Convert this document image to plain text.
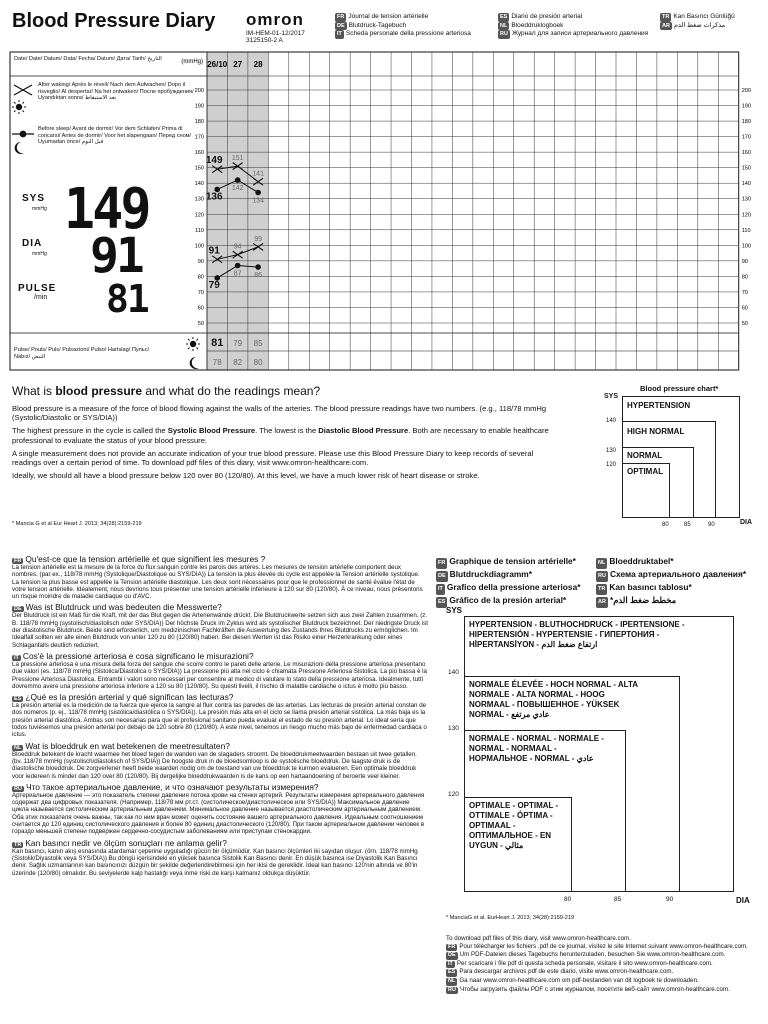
Blood Pressure Diary omron
IM-HEM-01-12/2017
3125150-2 A
FR Journal de tension artérielle
DE Blutdruck-Tagebuch
IT Scheda personale della pressione arteriosa
ES Diario de presión arterial
NL Bloeddruklogboek
RU Журнал для записи артериального давления
TR Kan Basıncı Günlüğü
AR مذكرات ضغط الدم
200	200
190	190
180	180
170	170
160	160
150	150
140	140
130	130
120	120
110	110
100	100
90	90
80	80
70	70
60	60
50	50
26/10 27 28
149 151
141
136
142
134
91 94
99
79
87 86
81 79 85
78 82 80
(mmHg)
Date/ Date/ Datum/ Data/ Fecha/ Datum/ Дата/ Tarih/ التاريخ
After waking/ Après le réveil/ Nach dem Aufwachen/ Dopo il risveglio/ Al despertar/ Na het ontwaken/ После пробуждения/ Uyandıktan sonra/ بعد الاستيقاظ
Before sleep/ Avant de dormir/ Vor dem Schlafen/ Prima di coricarsi/ Antes de dormir/ Voor het slapengaan/ Перед сном/ Uyumadan önce/ قبل النوم
SYS
mmHg
DIA
mmHg
PULSE
/min
149
91
81
Pulse/ Pouls/ Puls/ Pulsazioni/ Pulso/ Hartslag/ Пульс/ Nabız/ النبض
What is blood pressure and what do the readings mean?
Blood pressure is a measure of the force of blood flowing against the walls of the arteries. The blood pressure readings have two numbers. (e.g., 118/78 mmHg (Systolic/Diastolic or SYS/DIA))
The highest pressure in the cycle is called the Systolic Blood Pressure. The lowest is the Diastolic Blood Pressure. Both are necessary to enable healthcare professional to evaluate the status of your blood pressure.
A single measurement does not provide an accurate indication of your true blood pressure. Please use this Blood Pressure Diary to keep records of several readings over a certain period of time. To download pdf files of this diary, visit www.omron-healthcare.com.
Ideally, we should all have a blood pressure below 120 over 80 (120/80). At this level, we have a much lower risk of heart disease or stroke.
* Mancia G et al Eur Heart J. 2013; 34(28):2159-219
Blood pressure chart*
SYS
DIA
140
130
120
80	85	90
HYPERTENSION
HIGH NORMAL
NORMAL
OPTIMAL
FR Qu'est-ce que la tension artérielle et que signifient les mesures ?
La tension artérielle est la mesure de la force du flux sanguin contre les parois des artères. Les mesures de tension artérielle comportent deux nombres. (par ex., 118/78 mmHg (Systolique/Diastolique ou SYS/DIA)) La tension la plus élevée du cycle est appelée la Tension artérielle systolique. La tension la plus basse est appelée la Tension artérielle diastolique. Les deux sont nécessaires pour que le professionnel de santé évalue l'état de votre tension artérielle. Idéalement, nous devrions tous présenter une tension artérielle inférieure à 120 sur 80 (120/80). À ce niveau, nous présentons un risque moindre de maladie cardiaque ou d'AVC.
DE Was ist Blutdruck und was bedeuten die Messwerte?
Der Blutdruck ist ein Maß für die Kraft, mit der das Blut gegen die Arterienwände drückt. Die Blutdruckwerte setzen sich aus zwei Zahlen zusammen. (z. B. 118/78 mmHg (systolisch/diastolisch oder SYS/DIA)) Der höchste Druck im Zyklus wird als systolischer Blutdruck bezeichnet. Der niedrigste Druck ist der diastolische Blutdruck. Beide sind erforderlich, um medizinischen Fachkräften die Auswertung des Zustands Ihres Blutdrucks zu ermöglichen. Im Idealfall sollten wir alle einen Blutdruck von unter 120 zu 80 (120/80) haben. Bei diesen Werten ist das Risiko einer Herzerkrankung oder eines Schlaganfalls deutlich reduziert.
IT Cos'è la pressione arteriosa e cosa significano le misurazioni?
La pressione arteriosa è una misura della forza del sangue che scorre contro le pareti delle arterie. Le misurazioni della pressione arteriosa presentano due valori (es. 118/78 mmHg (Sistolica/Diastolica o SYS/DIA)) La pressione più alta nel ciclo è chiamata Pressione Arteriosa Sistolica. La più bassa è la Pressione Arteriosa Diastolica. Entrambi i valori sono necessari per consentire al medico di valutare lo stato della pressione arteriosa. Idealmente, tutti dovremmo avere una pressione arteriosa inferiore a 120 su 80 (120/80). Su questi livelli, il rischio di malattie cardiache o ictus è molto più basso.
ES ¿Qué es la presión arterial y qué significan las lecturas?
La presión arterial es la medición de la fuerza que ejerce la sangre al fluir contra las paredes de las arterias. Las lecturas de presión arterial constan de dos números (p. ej., 118/78 mmHg (sistólica/diastólica o SYS/DIA)). La presión más alta en el ciclo se llama presión arterial sistólica. La más baja es la presión arterial diastólica. Ambas son necesarias para que el profesional sanitario pueda evaluar el estado de su presión arterial. Lo ideal sería que todos tuviésemos una presión arterial por debajo de 120 sobre 80 (120/80). A este nivel, tenemos un riesgo mucho más bajo de enfermedad cardiaca o ictus.
NL Wat is bloeddruk en wat betekenen de meetresultaten?
Bloeddruk betekent de kracht waarmee het bloed tegen de wanden van de slagaders stroomt. De bloeddrukmeetwaarden bestaan uit twee getallen. (bv. 118/78 mmHg (systolisch/diastolisch of SYS/DIA)) De hoogste druk in de bloedsomloop is de systolische bloeddruk. De laagste druk is de diastolische bloeddruk. De zorgverlener heeft beide waarden nodig om de toestand van uw bloeddruk te kunnen evalueren. Een optimale bloeddruk voor iedereen is minder dan 120 over 80 (120/80). Bij dergelijke bloeddrukwaarden is de kans op een hartaandoening of beroerte veel kleiner.
RU Что такое артериальное давление, и что означают результаты измерения?
Артериальное давление — это показатель степени давления потока крови на стенки артерий. Результаты измерения артериального давления содержат два цифровых показателя. (Например, 118/78 мм рт.ст. (систолическое/диастолическое или SYS/DIA)) Максимальное давление цикла называется систолическим артериальным давлением. Минимальное давление называется диастолическим артериальным давлением. Оба этих показателя очень важны, так как по ним врач может оценить состояние вашего артериального давления. Идеальным соотношением считается до 120 единиц систолического давления и более 80 единиц диастолического (120/80). При таком артериальном давлении человек в гораздо меньшей степени подвержен сердечно-сосудистым заболеваниям или приступам стенокардии.
TR Kan basıncı nedir ve ölçüm sonuçları ne anlama gelir?
Kan basıncı, kanın akış esnasında atardamar çeperine uyguladığı gücün bir ölçümüdür. Kan basıncı ölçümleri iki sayıdan oluşur. (örn. 118/78 mmHg (Sistolik/Diyastolik veya SYS/DIA)) Bu döngü içerisindeki en yüksek basınca Sistolik Kan Basıncı denir. En düşük basınca ise Diyastolik Kan Basıncı denir. Sağlık uzmanlarının kan basıncınızı düzgün bir şekilde değerlendirebilmesi için her ikisi de gereklidir. İdeal kan basıncı 120'nin altında ve 80'in üzerinde (120/80) olmalıdır. Bu seviyelerde kalp hastalığı veya inme riski de karşı kalmanız oldukça düşüktür.
FR Graphique de tension artérielle*
DE Blutdruckdiagramm*
IT Grafico della pressione arteriosa*
ES Gráfico de la presión arterial*
NL Bloeddruktabel*
RU Схема артериального давления*
TR Kan basıncı tablosu*
AR *مخطط ضغط الدم
SYS
DIA
140
130
120
80	85	90
HYPERTENSION - BLUTHOCHDRUCK - IPERTENSIONE - HIPERTENSIÓN - HYPERTENSIE - ГИПЕРТОНИЯ - HİPERTANSİYON - ارتفاع ضغط الدم
NORMALE ÉLEVÉE - HOCH NORMAL - ALTA NORMALE - ALTA NORMAL - HOOG NORMAAL - ПОВЫШЕННОЕ - YÜKSEK NORMAL - عادي مرتفع
NORMALE - NORMAL - NORMALE - NORMAL - NORMAAL - НОРМАЛЬНОЕ - NORMAL - عادي
OPTIMALE - OPTIMAL - OTTIMALE - ÓPTIMA - OPTIMAAL - ОПТИМАЛЬНОЕ - EN UYGUN - مثالي
* ManciaG et al. EurHeart J. 2013; 34(28):2159-219
To download pdf files of this diary, visit www.omron-healthcare.com.
FR Pour télécharger les fichiers .pdf de ce journal, visitez le site Internet suivant www.omron-healthcare.com.
DE Um PDF-Dateien dieses Tagebuchs herunterzuladen, besuchen Sie www.omron-healthcare.com.
IT Per scaricare i file pdf di questa scheda personale, visitare il sito www.omron-healthcare.com.
ES Para descargar archivos pdf de este diario, visite www.omron-healthcare.com.
NL Ga naar www.omron-healthcare.com om pdf-bestanden van dit logboek te downloaden.
RU Чтобы загрузить файлы PDF с этим журналом, посетите веб-сайт www.omron-healthcare.com.
